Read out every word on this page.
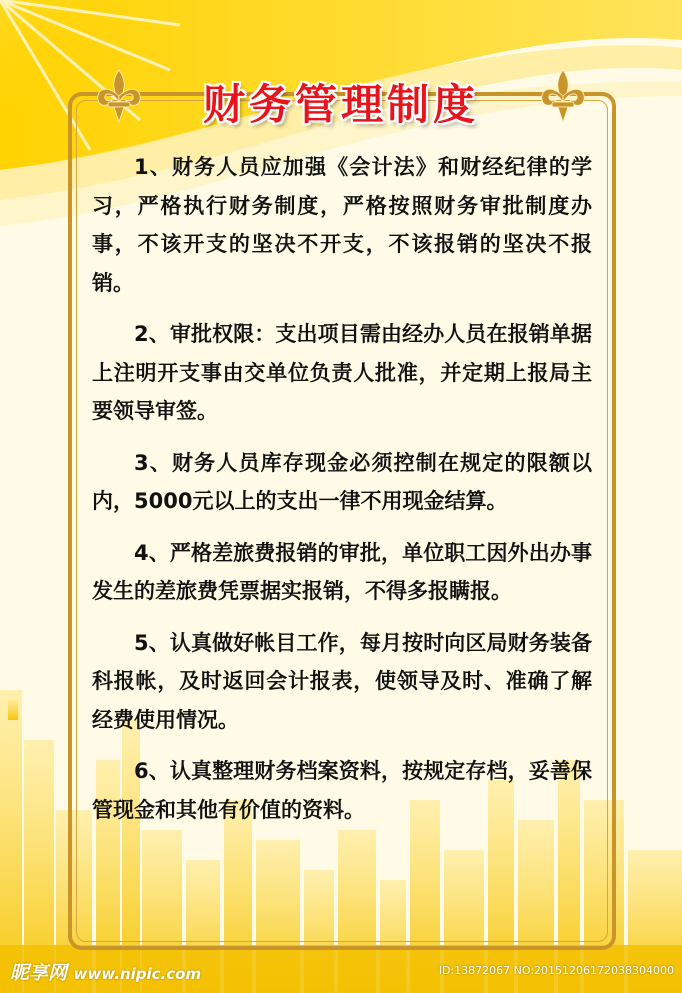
财务管理制度

1、财务人员应加强《会计法》和财经纪律的学习，严格执行财务制度，严格按照财务审批制度办事，不该开支的坚决不开支，不该报销的坚决不报销。

2、审批权限：支出项目需由经办人员在报销单据上注明开支事由交单位负责人批准，并定期上报局主要领导审签。

3、财务人员库存现金必须控制在规定的限额以内，5000元以上的支出一律不用现金结算。

4、严格差旅费报销的审批，单位职工因外出办事发生的差旅费凭票据实报销，不得多报瞒报。

5、认真做好帐目工作，每月按时向区局财务装备科报帐，及时返回会计报表，使领导及时、准确了解经费使用情况。

6、认真整理财务档案资料，按规定存档，妥善保管现金和其他有价值的资料。

昵享网 www.nipic.com	ID:13872067 NO:20151206172038304000
